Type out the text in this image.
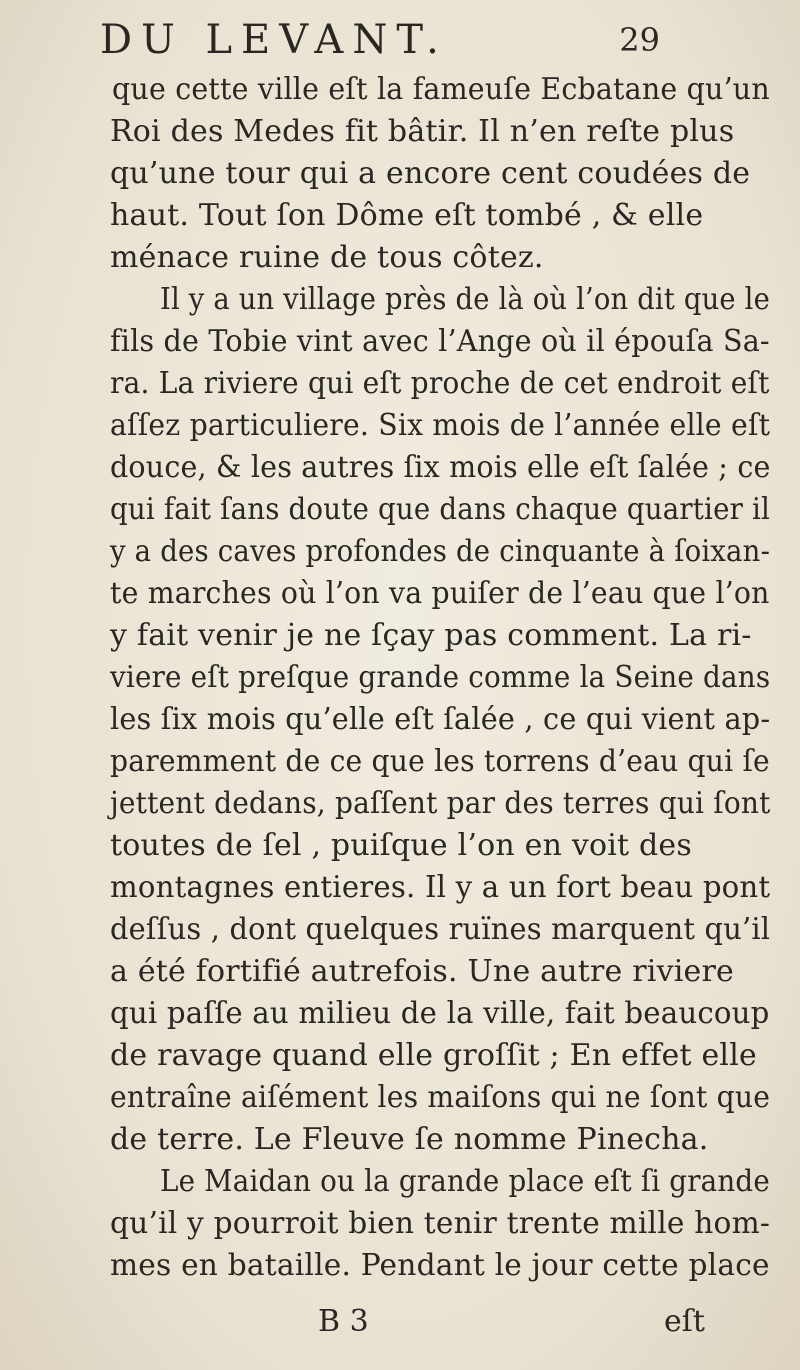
DU LEVANT.	29
que cette ville eſt la fameuſe Ecbatane qu’un
Roi des Medes fit bâtir. Il n’en reſte plus
qu’une tour qui a encore cent coudées de
haut. Tout ſon Dôme eſt tombé , & elle
ménace ruine de tous côtez.
Il y a un village près de là où l’on dit que le
fils de Tobie vint avec l’Ange où il épouſa Sa-
ra. La riviere qui eſt proche de cet endroit eſt
aſſez particuliere. Six mois de l’année elle eſt
douce, & les autres ſix mois elle eſt ſalée ; ce
qui fait ſans doute que dans chaque quartier il
y a des caves profondes de cinquante à ſoixan-
te marches où l’on va puiſer de l’eau que l’on
y fait venir je ne ſçay pas comment. La ri-
viere eſt preſque grande comme la Seine dans
les ſix mois qu’elle eſt ſalée , ce qui vient ap-
paremment de ce que les torrens d’eau qui ſe
jettent dedans, paſſent par des terres qui ſont
toutes de ſel , puiſque l’on en voit des
montagnes entieres. Il y a un fort beau pont
deſſus , dont quelques ruïnes marquent qu’il
a été fortifié autrefois. Une autre riviere
qui paſſe au milieu de la ville, fait beaucoup
de ravage quand elle groſſit ; En effet elle
entraîne aiſément les maiſons qui ne ſont que
de terre. Le Fleuve ſe nomme Pinecha.
Le Maidan ou la grande place eſt ſi grande
qu’il y pourroit bien tenir trente mille hom-
mes en bataille. Pendant le jour cette place
B 3	eſt
